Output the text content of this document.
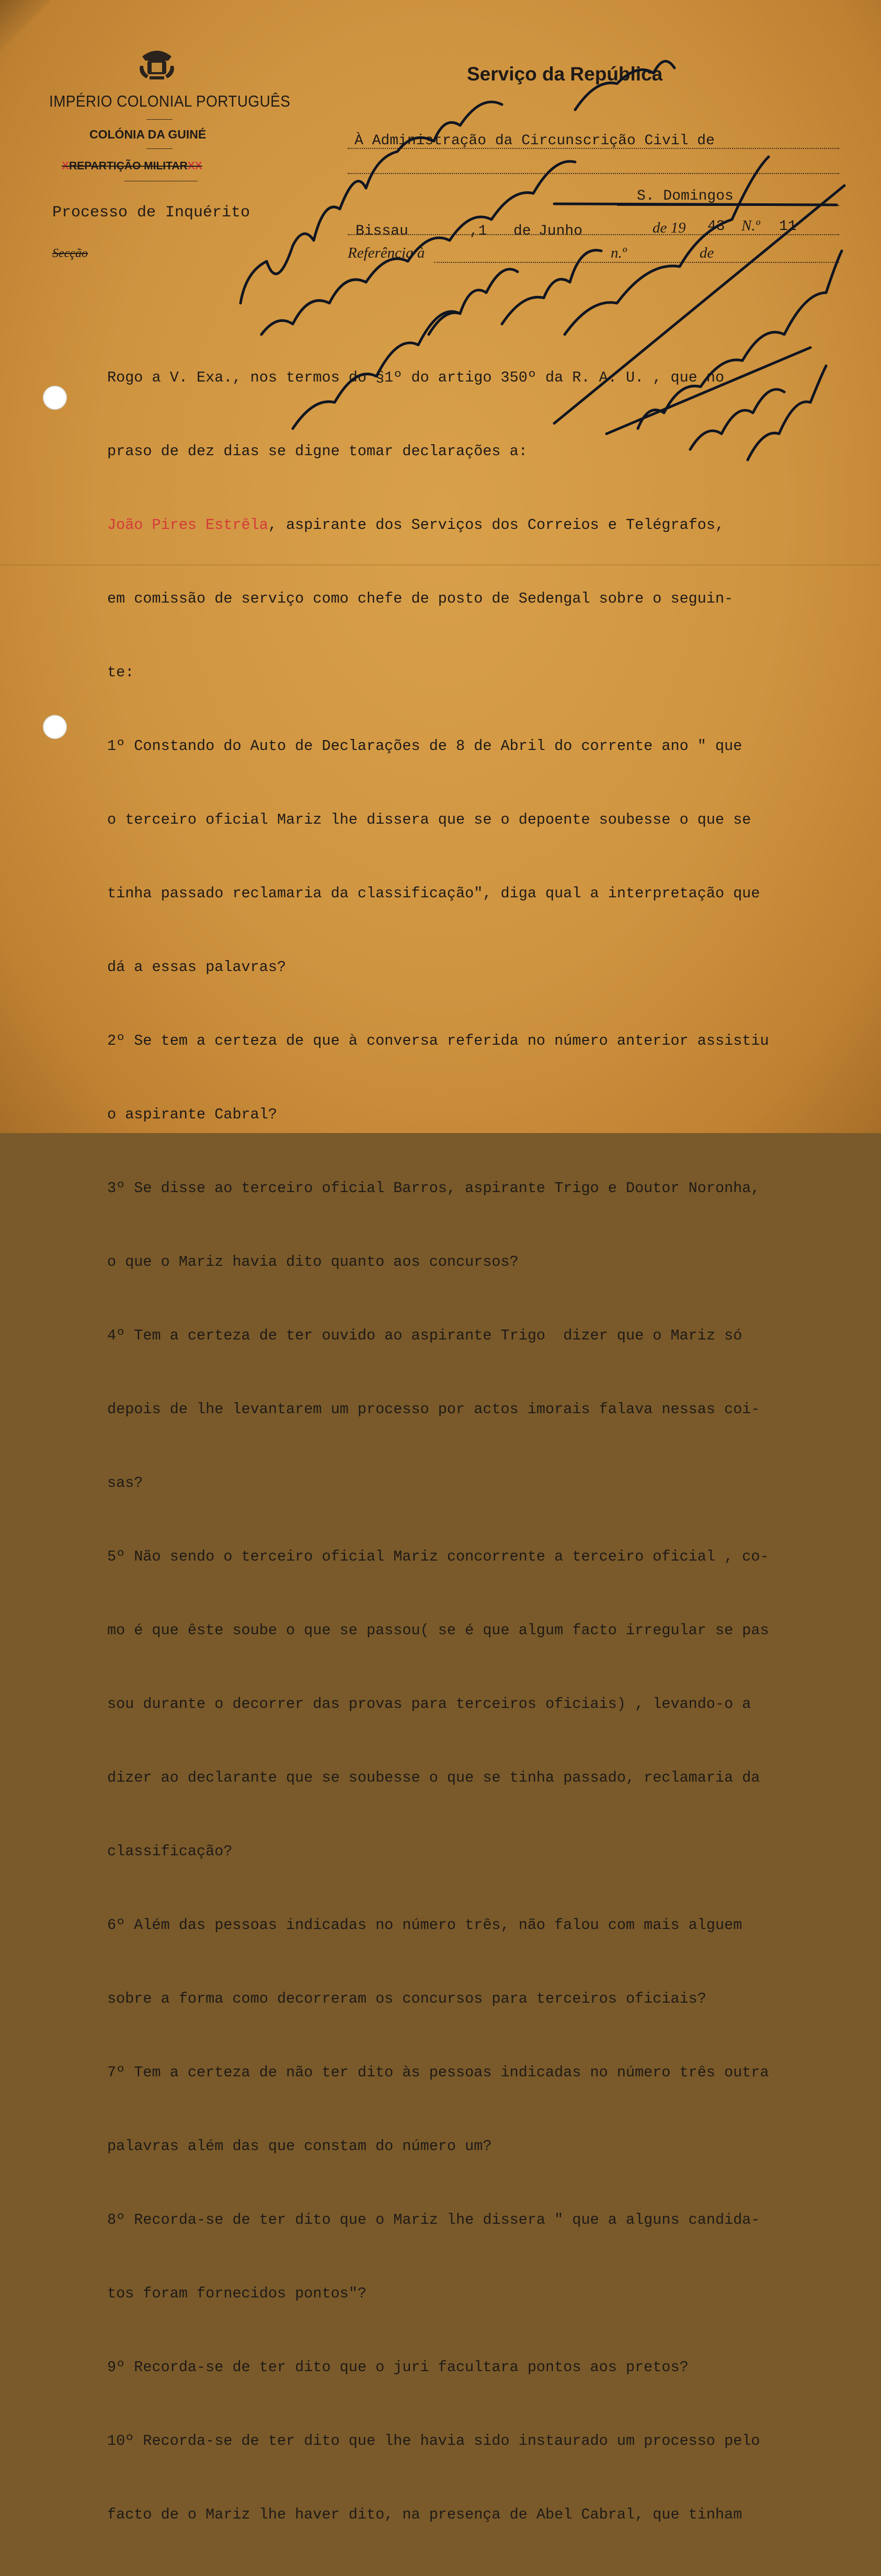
IMPÉRIO COLONIAL PORTUGUÊS
COLÓNIA DA GUINÉ
XREPARTIÇÃO MILITARXX
Processo de Inquérito
Secção
Serviço da República
À Administração da Circunscrição Civil de
S. Domingos
Bissau	,1 de Junho	de 19 43 N.º 11
Referência à	n.º	de

Rogo a V. Exa., nos termos do §1º do artigo 350º da R. A. U. , que no

praso de dez dias se digne tomar declarações a:

João Pires Estrêla, aspirante dos Serviços dos Correios e Telégrafos,

em comissão de serviço como chefe de posto de Sedengal sobre o seguin-

te:

1º Constando do Auto de Declarações de 8 de Abril do corrente ano " que

o terceiro oficial Mariz lhe dissera que se o depoente soubesse o que se

tinha passado reclamaria da classificação", diga qual a interpretação que

dá a essas palavras?

2º Se tem a certeza de que à conversa referida no número anterior assistiu

o aspirante Cabral?

3º Se disse ao terceiro oficial Barros, aspirante Trigo e Doutor Noronha,

o que o Mariz havia dito quanto aos concursos?

4º Tem a certeza de ter ouvido ao aspirante Trigo  dizer que o Mariz só

depois de lhe levantarem um processo por actos imorais falava nessas coi-

sas?

5º Não sendo o terceiro oficial Mariz concorrente a terceiro oficial , co-

mo é que êste soube o que se passou( se é que algum facto irregular se pas

sou durante o decorrer das provas para terceiros oficiais) , levando-o a

dizer ao declarante que se soubesse o que se tinha passado, reclamaria da

classificação?

6º Além das pessoas indicadas no número três, não falou com mais alguem

sobre a forma como decorreram os concursos para terceiros oficiais?

7º Tem a certeza de não ter dito às pessoas indicadas no número três outra

palavras além das que constam do número um?

8º Recorda-se de ter dito que o Mariz lhe dissera " que a alguns candida-

tos foram fornecidos pontos"?

9º Recorda-se de ter dito que o juri facultara pontos aos pretos?

10º Recorda-se de ter dito que lhe havia sido instaurado um processo pelo

facto de o Mariz lhe haver dito, na presença de Abel Cabral, que tinham
